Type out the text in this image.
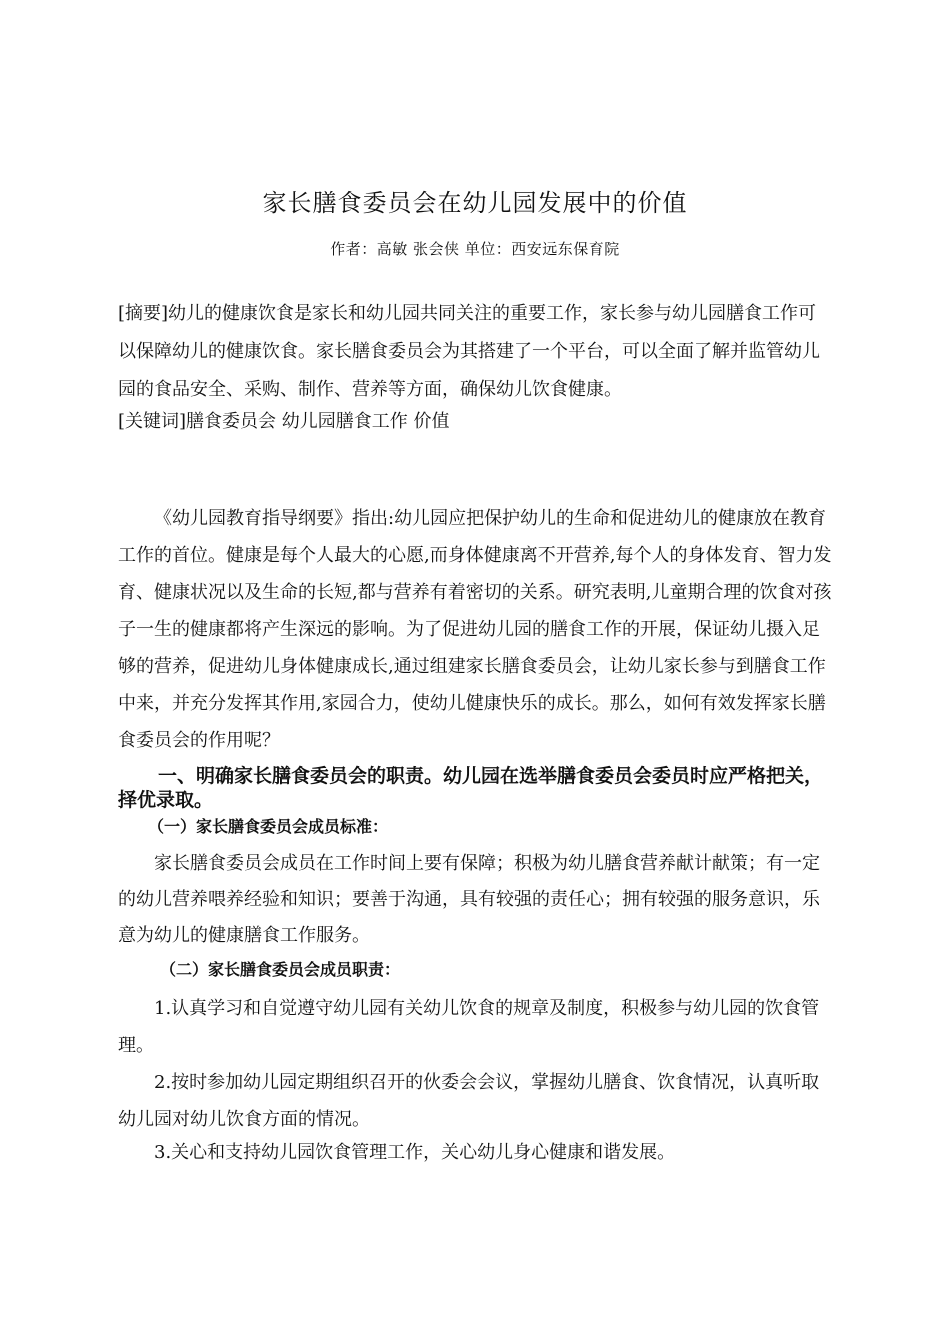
家长膳食委员会在幼儿园发展中的价值
作者：高敏 张会侠 单位：西安远东保育院

[摘要]幼儿的健康饮食是家长和幼儿园共同关注的重要工作，家长参与幼儿园膳食工作可以保障幼儿的健康饮食。家长膳食委员会为其搭建了一个平台，可以全面了解并监管幼儿园的食品安全、采购、制作、营养等方面，确保幼儿饮食健康。

[关键词]膳食委员会 幼儿园膳食工作 价值

《幼儿园教育指导纲要》指出:幼儿园应把保护幼儿的生命和促进幼儿的健康放在教育工作的首位。健康是每个人最大的心愿,而身体健康离不开营养,每个人的身体发育、智力发育、健康状况以及生命的长短,都与营养有着密切的关系。研究表明,儿童期合理的饮食对孩子一生的健康都将产生深远的影响。为了促进幼儿园的膳食工作的开展，保证幼儿摄入足够的营养，促进幼儿身体健康成长,通过组建家长膳食委员会，让幼儿家长参与到膳食工作中来，并充分发挥其作用,家园合力，使幼儿健康快乐的成长。那么，如何有效发挥家长膳食委员会的作用呢？

一、明确家长膳食委员会的职责。幼儿园在选举膳食委员会委员时应严格把关，择优录取。
（一）家长膳食委员会成员标准：

家长膳食委员会成员在工作时间上要有保障；积极为幼儿膳食营养献计献策；有一定的幼儿营养喂养经验和知识；要善于沟通，具有较强的责任心；拥有较强的服务意识，乐意为幼儿的健康膳食工作服务。

（二）家长膳食委员会成员职责：

1.认真学习和自觉遵守幼儿园有关幼儿饮食的规章及制度，积极参与幼儿园的饮食管理。

2.按时参加幼儿园定期组织召开的伙委会会议，掌握幼儿膳食、饮食情况，认真听取幼儿园对幼儿饮食方面的情况。

3.关心和支持幼儿园饮食管理工作，关心幼儿身心健康和谐发展。
